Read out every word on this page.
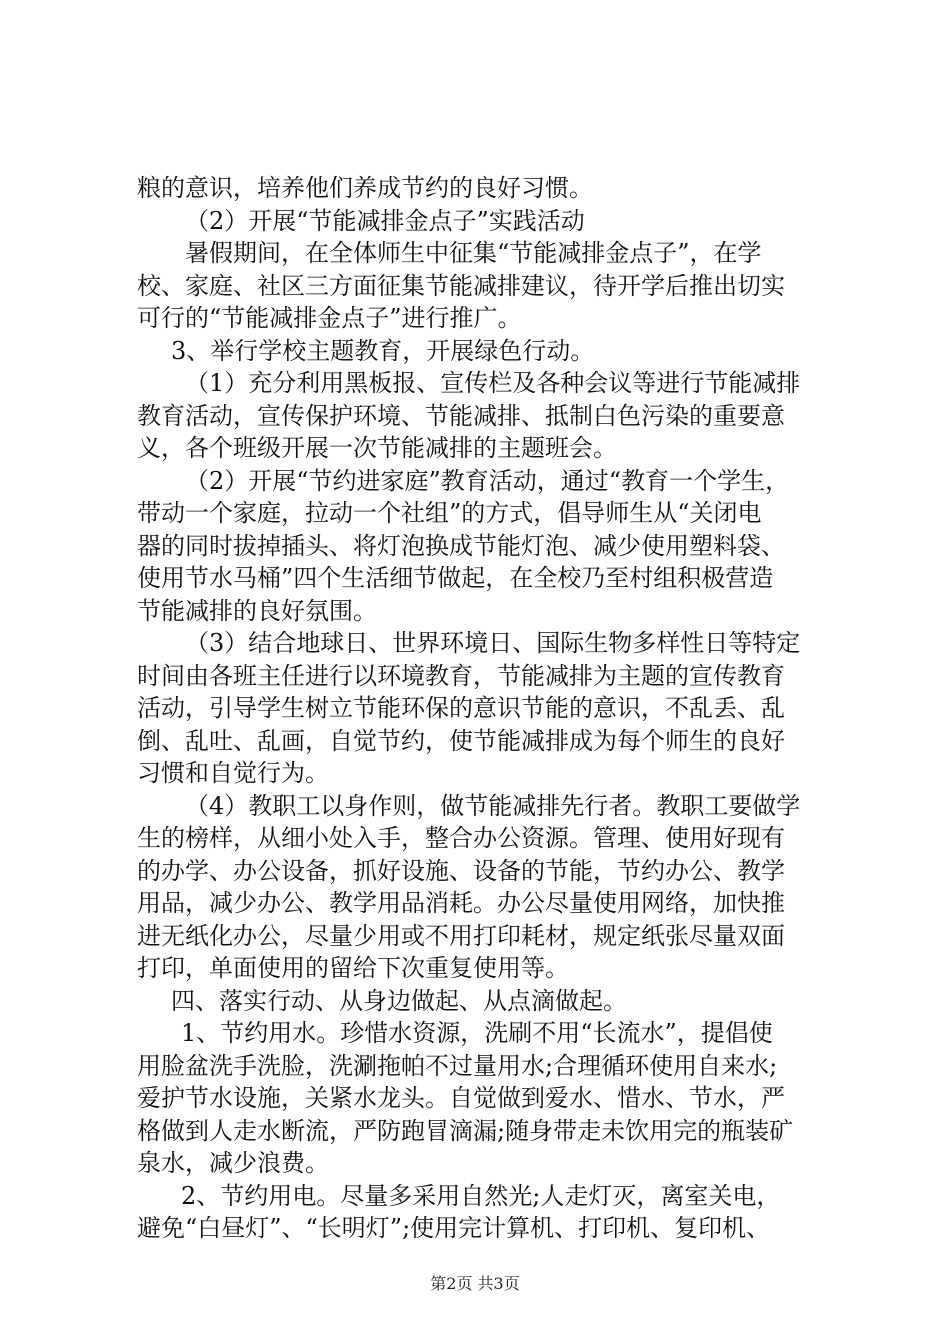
粮的意识，培养他们养成节约的良好习惯。
（2）开展“节能减排金点子”实践活动
暑假期间，在全体师生中征集“节能减排金点子”，在学
校、家庭、社区三方面征集节能减排建议，待开学后推出切实
可行的“节能减排金点子”进行推广。
3、举行学校主题教育，开展绿色行动。
（1）充分利用黑板报、宣传栏及各种会议等进行节能减排
教育活动，宣传保护环境、节能减排、抵制白色污染的重要意
义，各个班级开展一次节能减排的主题班会。
（2）开展“节约进家庭”教育活动，通过“教育一个学生，
带动一个家庭，拉动一个社组”的方式，倡导师生从“关闭电
器的同时拔掉插头、将灯泡换成节能灯泡、减少使用塑料袋、
使用节水马桶”四个生活细节做起，在全校乃至村组积极营造
节能减排的良好氛围。
（3）结合地球日、世界环境日、国际生物多样性日等特定
时间由各班主任进行以环境教育，节能减排为主题的宣传教育
活动，引导学生树立节能环保的意识节能的意识，不乱丢、乱
倒、乱吐、乱画，自觉节约，使节能减排成为每个师生的良好
习惯和自觉行为。
（4）教职工以身作则，做节能减排先行者。教职工要做学
生的榜样，从细小处入手，整合办公资源。管理、使用好现有
的办学、办公设备，抓好设施、设备的节能，节约办公、教学
用品，减少办公、教学用品消耗。办公尽量使用网络，加快推
进无纸化办公，尽量少用或不用打印耗材，规定纸张尽量双面
打印，单面使用的留给下次重复使用等。
四、落实行动、从身边做起、从点滴做起。
1、节约用水。珍惜水资源，洗刷不用“长流水”，提倡使
用脸盆洗手洗脸，洗涮拖帕不过量用水;合理循环使用自来水;
爱护节水设施，关紧水龙头。自觉做到爱水、惜水、节水，严
格做到人走水断流，严防跑冒滴漏;随身带走未饮用完的瓶装矿
泉水，减少浪费。
2、节约用电。尽量多采用自然光;人走灯灭，离室关电，
避免“白昼灯”、“长明灯”;使用完计算机、打印机、复印机、
第2页 共3页
